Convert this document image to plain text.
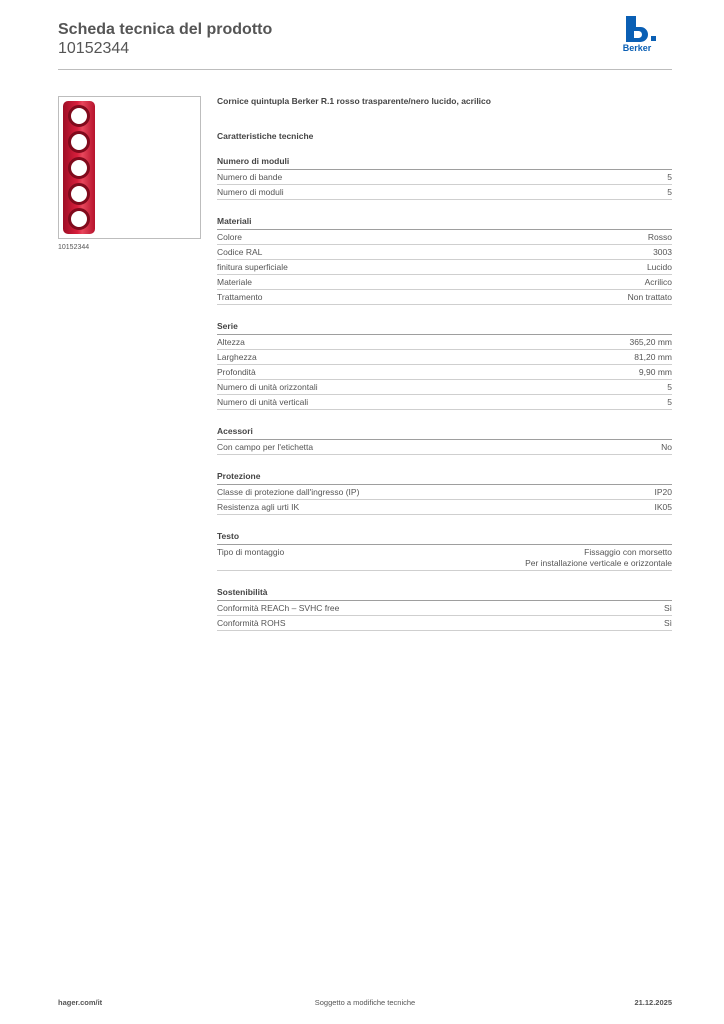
Scheda tecnica del prodotto
10152344	Berker
10152344
Cornice quintupla Berker R.1 rosso trasparente/nero lucido, acrilico
Caratteristiche tecniche
Numero di moduli
Numero di bande	5
Numero di moduli	5
Materiali
Colore	Rosso
Codice RAL	3003
finitura superficiale	Lucido
Materiale	Acrilico
Trattamento	Non trattato
Serie
Altezza	365,20 mm
Larghezza	81,20 mm
Profondità	9,90 mm
Numero di unità orizzontali	5
Numero di unità verticali	5
Acessori
Con campo per l'etichetta	No
Protezione
Classe di protezione dall'ingresso (IP)	IP20
Resistenza agli urti IK	IK05
Testo
Tipo di montaggio	Fissaggio con morsetto
Per installazione verticale e orizzontale
Sostenibilità
Conformità REACh – SVHC free	Sì
Conformità ROHS	Sì
hager.com/it	Soggetto a modifiche tecniche	21.12.2025
